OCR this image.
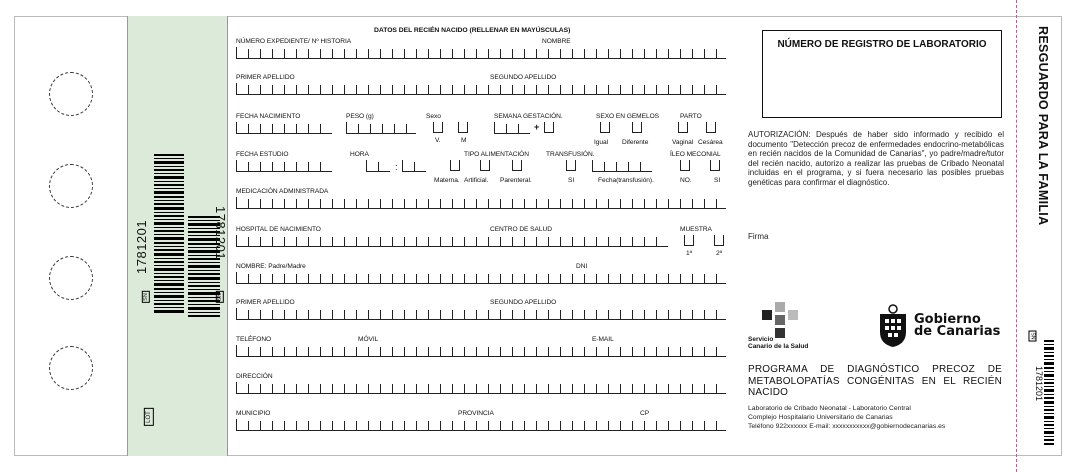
1781201	1781201
SN	SN
LOT
DATOS DEL RECIÉN NACIDO (RELLENAR EN MAYÚSCULAS)
NÚMERO EXPEDIENTE/ Nº HISTORIA	NOMBRE
PRIMER APELLIDO	SEGUNDO APELLIDO
FECHA NACIMIENTO	PESO (g)	Sexo	SEMANA GESTACIÓN.	SEXO EN GEMELOS	PARTO
V.	M
+
Igual Diferente	Vaginal Cesárea
FECHA ESTUDIO	HORA	TIPO ALIMENTACIÓN	TRANSFUSIÓN.	ÍLEO MECONIAL
:
Materna. Artificial. Parenteral.	SI	Fecha(transfusión).	NO.	SI
MEDICACIÓN ADMINISTRADA
HOSPITAL DE NACIMIENTO	CENTRO DE SALUD	MUESTRA
1ª	2ª
NOMBRE: Padre/Madre	DNI
PRIMER APELLIDO	SEGUNDO APELLIDO
TELÉFONO	MÓVIL	E-MAIL
DIRECCIÓN
MUNICIPIO	PROVINCIA	CP
NÚMERO DE REGISTRO DE LABORATORIO
AUTORIZACIÓN: Después de haber sido informado y recibido el documento "Detección precoz de enfermedades endocrino-metabólicas en recién nacidos de la Comunidad de Canarias", yo padre/madre/tutor del recién nacido, autorizo a realizar las pruebas de Cribado Neonatal incluidas en el programa, y si fuera necesario las posibles pruebas genéticas para confirmar el diagnóstico.
Firma
Servicio
Canario de la Salud
Gobierno
de Canarias
PROGRAMA DE DIAGNÓSTICO PRECOZ DE METABOLOPATÍAS CONGÉNITAS EN EL RECIÉN NACIDO
Laboratorio de Cribado Neonatal - Laboratorio Central
Complejo Hospitalario Universitario de Canarias
Teléfono 922xxxxxx E-mail: xxxxxxxxxxx@gobiernodecanarias.es
RESGUARDO PARA LA FAMILIA
SN
1781201
